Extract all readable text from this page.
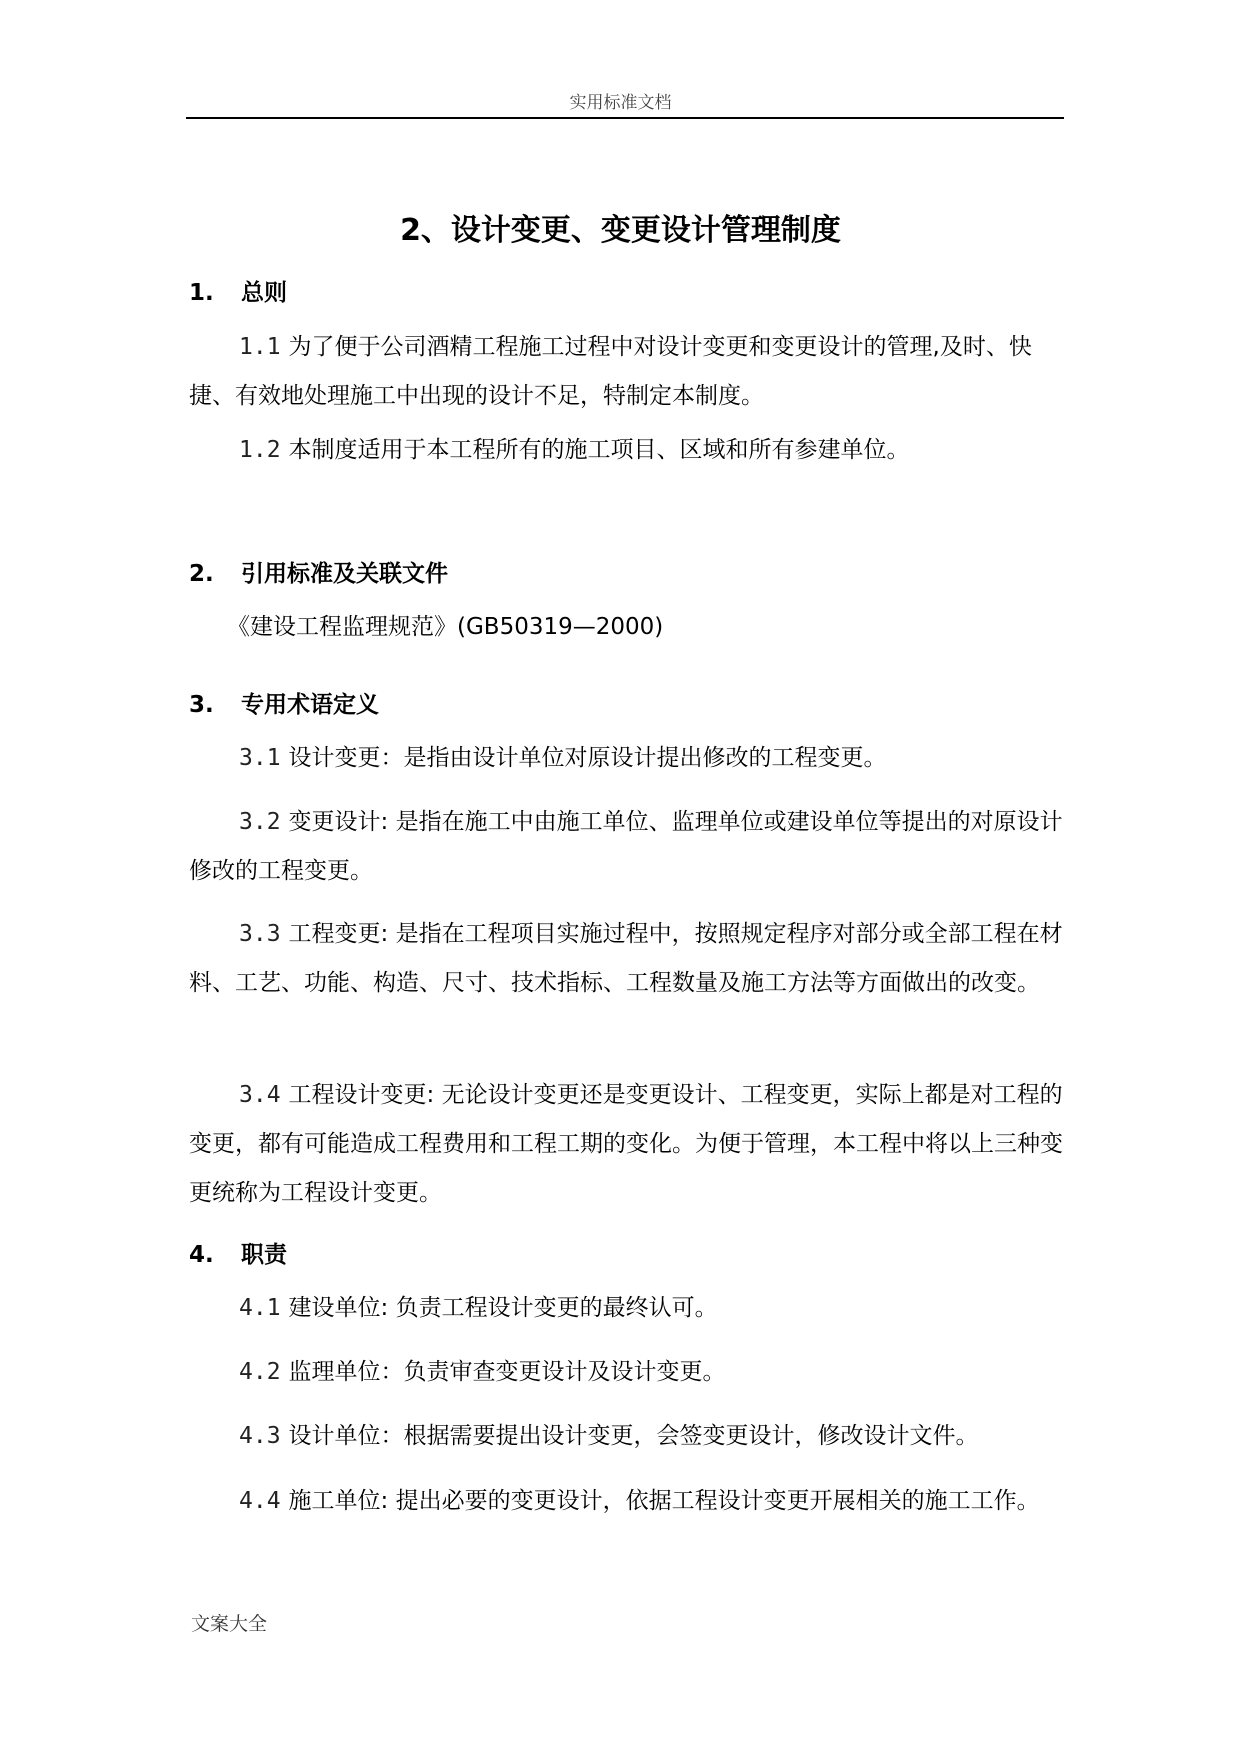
实用标准文档
2、设计变更、变更设计管理制度
1. 总则
1.1 为了便于公司酒精工程施工过程中对设计变更和变更设计的管理,及时、快捷、有效地处理施工中出现的设计不足，特制定本制度。
1.2 本制度适用于本工程所有的施工项目、区域和所有参建单位。
2. 引用标准及关联文件
《建设工程监理规范》(GB50319—2000)
3. 专用术语定义
3.1 设计变更：是指由设计单位对原设计提出修改的工程变更。
3.2 变更设计: 是指在施工中由施工单位、监理单位或建设单位等提出的对原设计修改的工程变更。
3.3 工程变更: 是指在工程项目实施过程中，按照规定程序对部分或全部工程在材料、工艺、功能、构造、尺寸、技术指标、工程数量及施工方法等方面做出的改变。
3.4 工程设计变更: 无论设计变更还是变更设计、工程变更，实际上都是对工程的变更，都有可能造成工程费用和工程工期的变化。为便于管理，本工程中将以上三种变更统称为工程设计变更。
4. 职责
4.1 建设单位: 负责工程设计变更的最终认可。
4.2 监理单位：负责审查变更设计及设计变更。
4.3 设计单位：根据需要提出设计变更，会签变更设计，修改设计文件。
4.4 施工单位: 提出必要的变更设计，依据工程设计变更开展相关的施工工作。
文案大全
